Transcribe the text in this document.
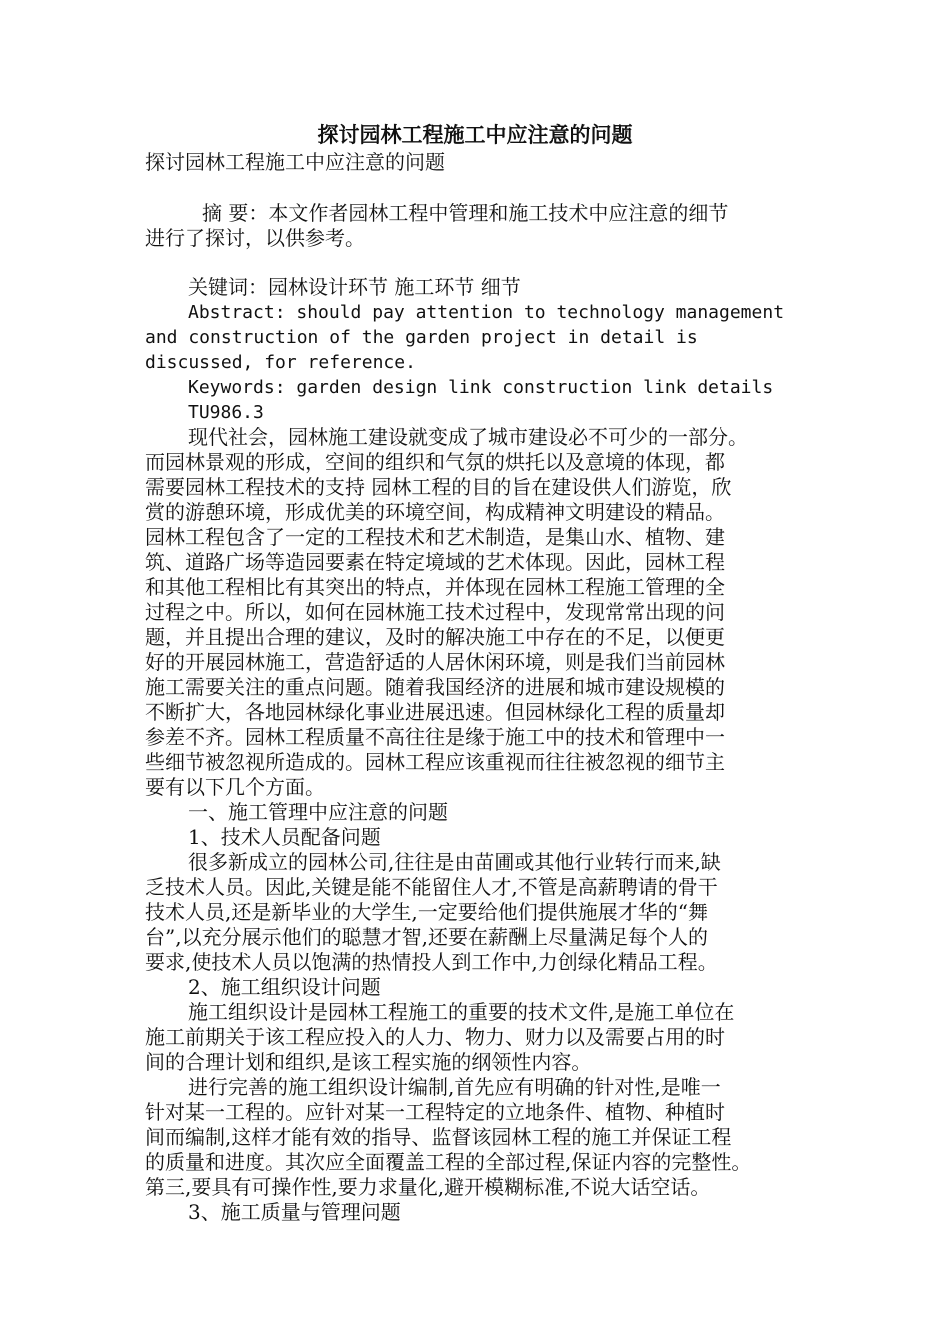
探讨园林工程施工中应注意的问题
探讨园林工程施工中应注意的问题
摘 要：本文作者园林工程中管理和施工技术中应注意的细节
进行了探讨，以供参考。
关键词：园林设计环节 施工环节 细节
Abstract: should pay attention to technology management
and construction of the garden project in detail is
discussed, for reference.
Keywords: garden design link construction link details
TU986.3
现代社会，园林施工建设就变成了城市建设必不可少的一部分。
而园林景观的形成，空间的组织和气氛的烘托以及意境的体现，都
需要园林工程技术的支持 园林工程的目的旨在建设供人们游览，欣
赏的游憩环境，形成优美的环境空间，构成精神文明建设的精品。
园林工程包含了一定的工程技术和艺术制造，是集山水、植物、建
筑、道路广场等造园要素在特定境域的艺术体现。因此，园林工程
和其他工程相比有其突出的特点，并体现在园林工程施工管理的全
过程之中。所以，如何在园林施工技术过程中，发现常常出现的问
题，并且提出合理的建议，及时的解决施工中存在的不足，以便更
好的开展园林施工，营造舒适的人居休闲环境，则是我们当前园林
施工需要关注的重点问题。随着我国经济的进展和城市建设规模的
不断扩大，各地园林绿化事业进展迅速。但园林绿化工程的质量却
参差不齐。园林工程质量不高往往是缘于施工中的技术和管理中一
些细节被忽视所造成的。园林工程应该重视而往往被忽视的细节主
要有以下几个方面。
一、施工管理中应注意的问题
1、技术人员配备问题
很多新成立的园林公司,往往是由苗圃或其他行业转行而来,缺
乏技术人员。因此,关键是能不能留住人才,不管是高薪聘请的骨干
技术人员,还是新毕业的大学生,一定要给他们提供施展才华的“舞
台”,以充分展示他们的聪慧才智,还要在薪酬上尽量满足每个人的
要求,使技术人员以饱满的热情投人到工作中,力创绿化精品工程。
2、施工组织设计问题
施工组织设计是园林工程施工的重要的技术文件,是施工单位在
施工前期关于该工程应投入的人力、物力、财力以及需要占用的时
间的合理计划和组织,是该工程实施的纲领性内容。
进行完善的施工组织设计编制,首先应有明确的针对性,是唯一
针对某一工程的。应针对某一工程特定的立地条件、植物、种植时
间而编制,这样才能有效的指导、监督该园林工程的施工并保证工程
的质量和进度。其次应全面覆盖工程的全部过程,保证内容的完整性。
第三,要具有可操作性,要力求量化,避开模糊标准,不说大话空话。
3、施工质量与管理问题
